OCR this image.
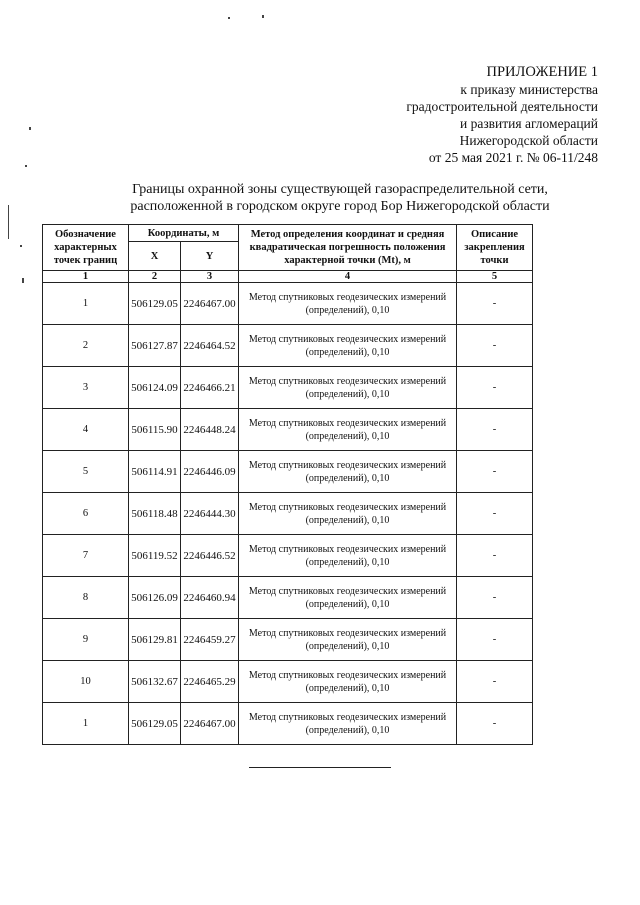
ПРИЛОЖЕНИЕ 1
к приказу министерства
градостроительной деятельности
и развития агломераций
Нижегородской области
от 25 мая 2021 г. № 06-11/248
Границы охранной зоны существующей газораспределительной сети,
расположенной в городском округе город Бор Нижегородской области
Обозначение характерных точек границ	Координаты, м		Метод определения координат и средняя квадратическая погрешность положения характерной точки (Mt), м	Описание закрепления точки
	X	Y		
1	2	3	4	5
1	506129.05	2246467.00	Метод спутниковых геодезических измерений (определений), 0,10	-
2	506127.87	2246464.52	Метод спутниковых геодезических измерений (определений), 0,10	-
3	506124.09	2246466.21	Метод спутниковых геодезических измерений (определений), 0,10	-
4	506115.90	2246448.24	Метод спутниковых геодезических измерений (определений), 0,10	-
5	506114.91	2246446.09	Метод спутниковых геодезических измерений (определений), 0,10	-
6	506118.48	2246444.30	Метод спутниковых геодезических измерений (определений), 0,10	-
7	506119.52	2246446.52	Метод спутниковых геодезических измерений (определений), 0,10	-
8	506126.09	2246460.94	Метод спутниковых геодезических измерений (определений), 0,10	-
9	506129.81	2246459.27	Метод спутниковых геодезических измерений (определений), 0,10	-
10	506132.67	2246465.29	Метод спутниковых геодезических измерений (определений), 0,10	-
1	506129.05	2246467.00	Метод спутниковых геодезических измерений (определений), 0,10	-
